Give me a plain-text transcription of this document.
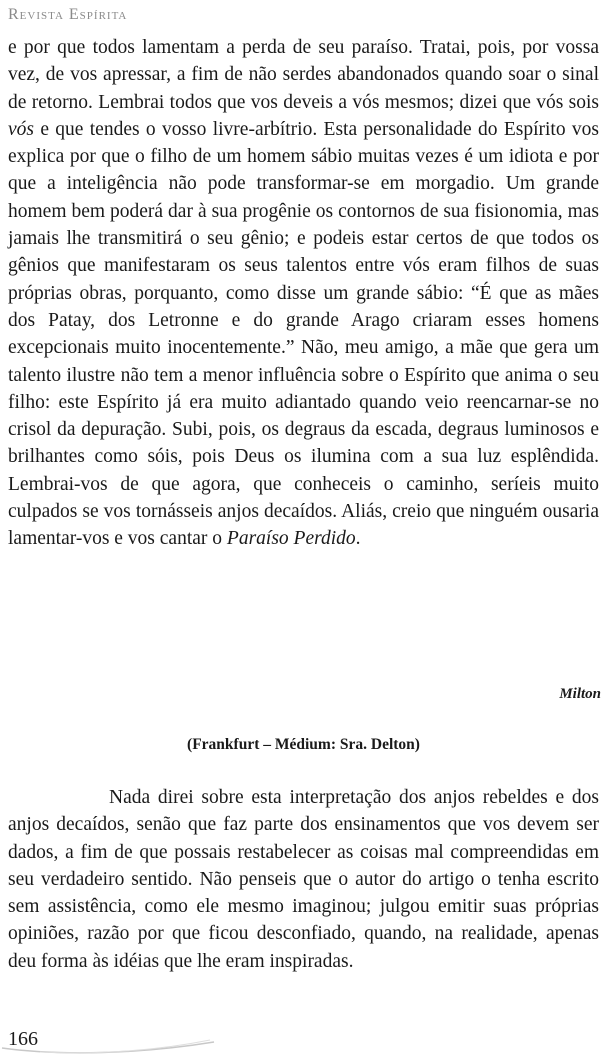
Revista Espírita
e por que todos lamentam a perda de seu paraíso. Tratai, pois, por vossa vez, de vos apressar, a fim de não serdes abandonados quando soar o sinal de retorno. Lembrai todos que vos deveis a vós mesmos; dizei que vós sois vós e que tendes o vosso livre-arbítrio. Esta personalidade do Espírito vos explica por que o filho de um homem sábio muitas vezes é um idiota e por que a inteligência não pode transformar-se em morgadio. Um grande homem bem poderá dar à sua progênie os contornos de sua fisionomia, mas jamais lhe transmitirá o seu gênio; e podeis estar certos de que todos os gênios que manifestaram os seus talentos entre vós eram filhos de suas próprias obras, porquanto, como disse um grande sábio: “É que as mães dos Patay, dos Letronne e do grande Arago criaram esses homens excepcionais muito inocentemente.” Não, meu amigo, a mãe que gera um talento ilustre não tem a menor influência sobre o Espírito que anima o seu filho: este Espírito já era muito adiantado quando veio reencarnar-se no crisol da depuração. Subi, pois, os degraus da escada, degraus luminosos e brilhantes como sóis, pois Deus os ilumina com a sua luz esplêndida. Lembrai-vos de que agora, que conheceis o caminho, seríeis muito culpados se vos tornásseis anjos decaídos. Aliás, creio que ninguém ousaria lamentar-vos e vos cantar o Paraíso Perdido.
Milton
(Frankfurt – Médium: Sra. Delton)
Nada direi sobre esta interpretação dos anjos rebeldes e dos anjos decaídos, senão que faz parte dos ensinamentos que vos devem ser dados, a fim de que possais restabelecer as coisas mal compreendidas em seu verdadeiro sentido. Não penseis que o autor do artigo o tenha escrito sem assistência, como ele mesmo imaginou; julgou emitir suas próprias opiniões, razão por que ficou desconfiado, quando, na realidade, apenas deu forma às idéias que lhe eram inspiradas.
166
